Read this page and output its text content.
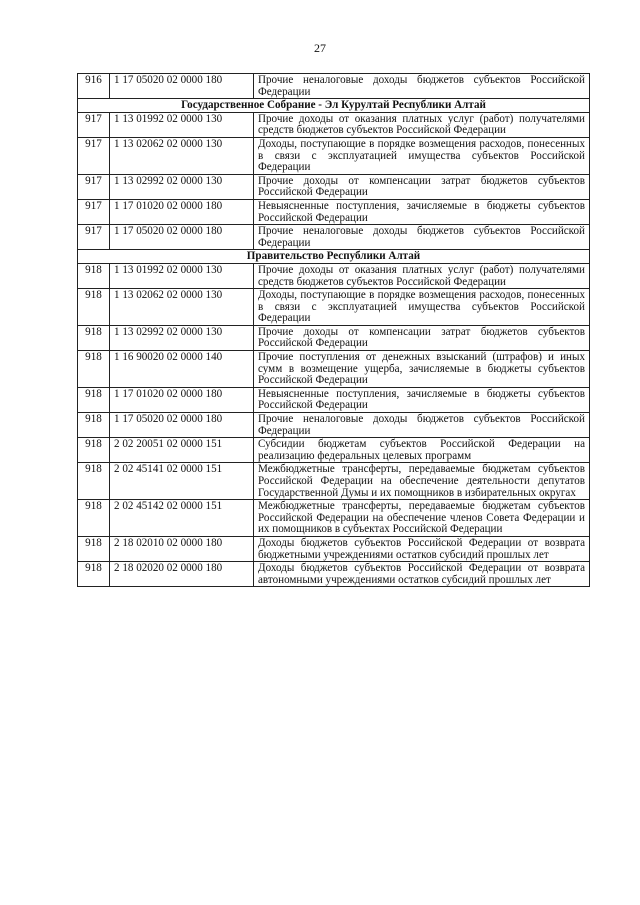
27
916	1 17 05020 02 0000 180	Прочие неналоговые доходы бюджетов субъектов Российской Федерации
Государственное Собрание - Эл Курултай Республики Алтай		
917	1 13 01992 02 0000 130	Прочие доходы от оказания платных услуг (работ) получателями средств бюджетов субъектов Российской Федерации
917	1 13 02062 02 0000 130	Доходы, поступающие в порядке возмещения расходов, понесенных в связи с эксплуатацией имущества субъектов Российской Федерации
917	1 13 02992 02 0000 130	Прочие доходы от компенсации затрат бюджетов субъектов Российской Федерации
917	1 17 01020 02 0000 180	Невыясненные поступления, зачисляемые в бюджеты субъектов Российской Федерации
917	1 17 05020 02 0000 180	Прочие неналоговые доходы бюджетов субъектов Российской Федерации
Правительство Республики Алтай		
918	1 13 01992 02 0000 130	Прочие доходы от оказания платных услуг (работ) получателями средств бюджетов субъектов Российской Федерации
918	1 13 02062 02 0000 130	Доходы, поступающие в порядке возмещения расходов, понесенных в связи с эксплуатацией имущества субъектов Российской Федерации
918	1 13 02992 02 0000 130	Прочие доходы от компенсации затрат бюджетов субъектов Российской Федерации
918	1 16 90020 02 0000 140	Прочие поступления от денежных взысканий (штрафов) и иных сумм в возмещение ущерба, зачисляемые в бюджеты субъектов Российской Федерации
918	1 17 01020 02 0000 180	Невыясненные поступления, зачисляемые в бюджеты субъектов Российской Федерации
918	1 17 05020 02 0000 180	Прочие неналоговые доходы бюджетов субъектов Российской Федерации
918	2 02 20051 02 0000 151	Субсидии бюджетам субъектов Российской Федерации на реализацию федеральных целевых программ
918	2 02 45141 02 0000 151	Межбюджетные трансферты, передаваемые бюджетам субъектов Российской Федерации на обеспечение деятельности депутатов Государственной Думы и их помощников в избирательных округах
918	2 02 45142 02 0000 151	Межбюджетные трансферты, передаваемые бюджетам субъектов Российской Федерации на обеспечение членов Совета Федерации и их помощников в субъектах Российской Федерации
918	2 18 02010 02 0000 180	Доходы бюджетов субъектов Российской Федерации от возврата бюджетными учреждениями остатков субсидий прошлых лет
918	2 18 02020 02 0000 180	Доходы бюджетов субъектов Российской Федерации от возврата автономными учреждениями остатков субсидий прошлых лет
